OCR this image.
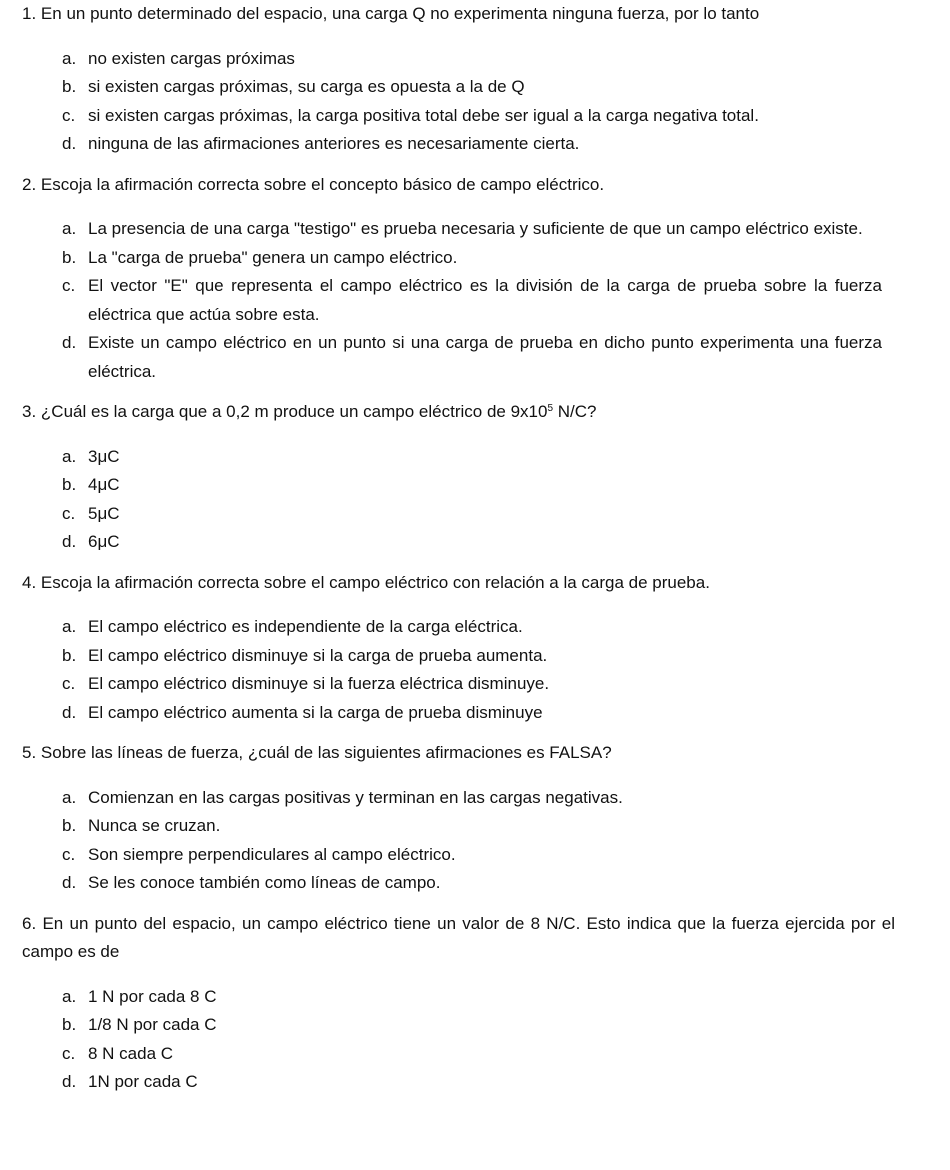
1. En un punto determinado del espacio, una carga Q no experimenta ninguna fuerza, por lo tanto

a. no existen cargas próximas
b. si existen cargas próximas, su carga es opuesta a la de Q
c. si existen cargas próximas, la carga positiva total debe ser igual a la carga negativa total.
d. ninguna de las afirmaciones anteriores es necesariamente cierta.

2. Escoja la afirmación correcta sobre el concepto básico de campo eléctrico.

a. La presencia de una carga "testigo" es prueba necesaria y suficiente de que un campo eléctrico existe.
b. La "carga de prueba" genera un campo eléctrico.
c. El vector "E" que representa el campo eléctrico es la división de la carga de prueba sobre la fuerza eléctrica que actúa sobre esta.
d. Existe un campo eléctrico en un punto si una carga de prueba en dicho punto experimenta una fuerza eléctrica.

3. ¿Cuál es la carga que a 0,2 m produce un campo eléctrico de $9x10^5$ N/C?

a. 3μC
b. 4μC
c. 5μC
d. 6μC

4. Escoja la afirmación correcta sobre el campo eléctrico con relación a la carga de prueba.

a. El campo eléctrico es independiente de la carga eléctrica.
b. El campo eléctrico disminuye si la carga de prueba aumenta.
c. El campo eléctrico disminuye si la fuerza eléctrica disminuye.
d. El campo eléctrico aumenta si la carga de prueba disminuye

5. Sobre las líneas de fuerza, ¿cuál de las siguientes afirmaciones es FALSA?

a. Comienzan en las cargas positivas y terminan en las cargas negativas.
b. Nunca se cruzan.
c. Son siempre perpendiculares al campo eléctrico.
d. Se les conoce también como líneas de campo.

6. En un punto del espacio, un campo eléctrico tiene un valor de 8 N/C. Esto indica que la fuerza ejercida por el campo es de

a. 1 N por cada 8 C
b. 1/8 N por cada C
c. 8 N cada C
d. 1N por cada C
